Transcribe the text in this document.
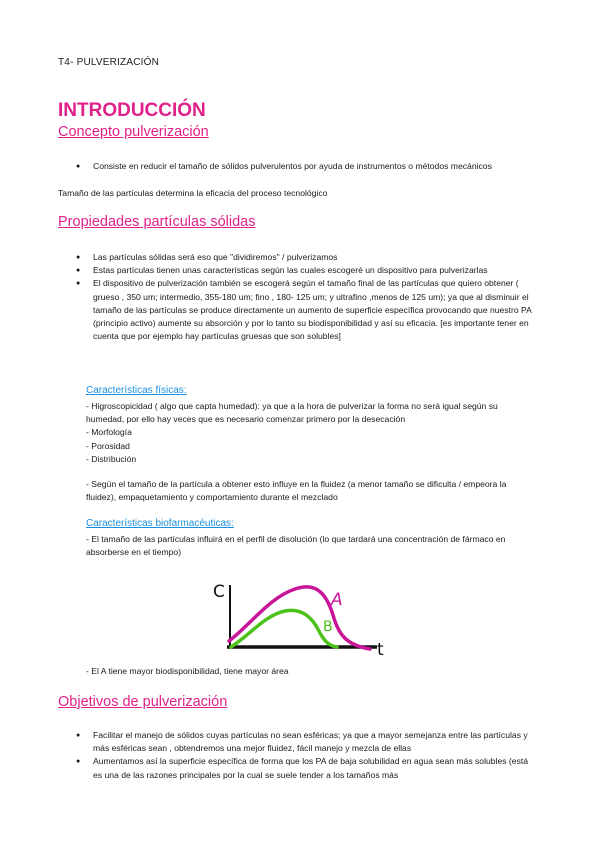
T4- PULVERIZACIÓN
INTRODUCCIÓN
Concepto pulverización
● Consiste en reducir el tamaño de sólidos pulverulentos por ayuda de instrumentos o métodos mecánicos
Tamaño de las partículas determina la eficacia del proceso tecnológico
Propiedades partículas sólidas
● Las partículas sólidas será eso que "dividiremos" / pulverizamos
● Estas partículas tienen unas características según las cuales escogeré un dispositivo para pulverizarlas
● El dispositivo de pulverización también se escogerá según el tamaño final de las partículas que quiero obtener ( grueso , 350 um; intermedio, 355-180 um; fino , 180- 125 um; y ultrafino ,menos de 125 um); ya que al disminuir el tamaño de las partículas se produce directamente un aumento de superficie específica provocando que nuestro PA (principio activo) aumente su absorción y por lo tanto su biodisponibilidad y así su eficacia. [es importante tener en cuenta que por ejemplo hay partículas gruesas que son solubles]
Características físicas:
- Higroscopicidad ( algo que capta humedad): ya que a la hora de pulverizar la forma no será igual según su humedad, por ello hay veces que es necesario comenzar primero por la desecación
- Morfología
- Porosidad
- Distribución
- Según el tamaño de la partícula a obtener esto influye en la fluidez (a menor tamaño se dificulta / empeora la fluidez), empaquetamiento y comportamiento durante el mezclado
Características biofarmacéuticas:
- El tamaño de las partículas influirá en el perfil de disolución (lo que tardará una concentración de fármaco en absorberse en el tiempo)
C
t
A
B
- El A tiene mayor biodisponibilidad, tiene mayor área
Objetivos de pulverización
● Facilitar el manejo de sólidos cuyas partículas no sean esféricas; ya que a mayor semejanza entre las partículas y más esféricas sean , obtendremos una mejor fluidez, fácil manejo y mezcla de ellas
● Aumentamos así la superficie específica de forma que los PA de baja solubilidad en agua sean más solubles (está es una de las razones principales por la cual se suele tender a los tamaños más
